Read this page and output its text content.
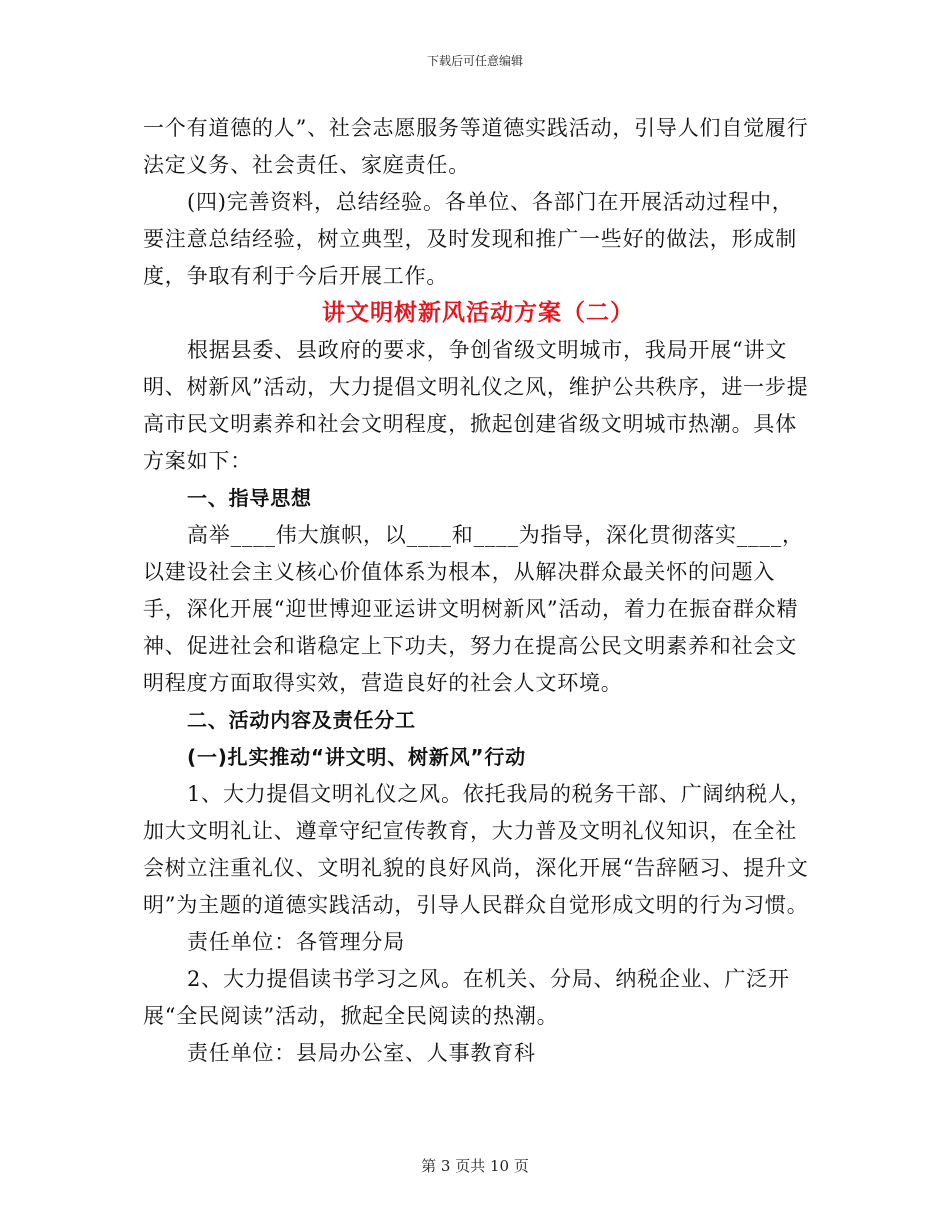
下载后可任意编辑

一个有道德的人”、社会志愿服务等道德实践活动，引导人们自觉履行法定义务、社会责任、家庭责任。

(四)完善资料，总结经验。各单位、各部门在开展活动过程中，要注意总结经验，树立典型，及时发现和推广一些好的做法，形成制度，争取有利于今后开展工作。

讲文明树新风活动方案（二）

根据县委、县政府的要求，争创省级文明城市，我局开展“讲文明、树新风”活动，大力提倡文明礼仪之风，维护公共秩序，进一步提高市民文明素养和社会文明程度，掀起创建省级文明城市热潮。具体方案如下：

一、指导思想

高举____伟大旗帜，以____和____为指导，深化贯彻落实____，以建设社会主义核心价值体系为根本，从解决群众最关怀的问题入手，深化开展“迎世博迎亚运讲文明树新风”活动，着力在振奋群众精神、促进社会和谐稳定上下功夫，努力在提高公民文明素养和社会文明程度方面取得实效，营造良好的社会人文环境。

二、活动内容及责任分工

(一)扎实推动“讲文明、树新风”行动

1、大力提倡文明礼仪之风。依托我局的税务干部、广阔纳税人，加大文明礼让、遵章守纪宣传教育，大力普及文明礼仪知识，在全社会树立注重礼仪、文明礼貌的良好风尚，深化开展“告辞陋习、提升文明”为主题的道德实践活动，引导人民群众自觉形成文明的行为习惯。

责任单位：各管理分局

2、大力提倡读书学习之风。在机关、分局、纳税企业、广泛开展“全民阅读”活动，掀起全民阅读的热潮。

责任单位：县局办公室、人事教育科

第 3 页共 10 页
